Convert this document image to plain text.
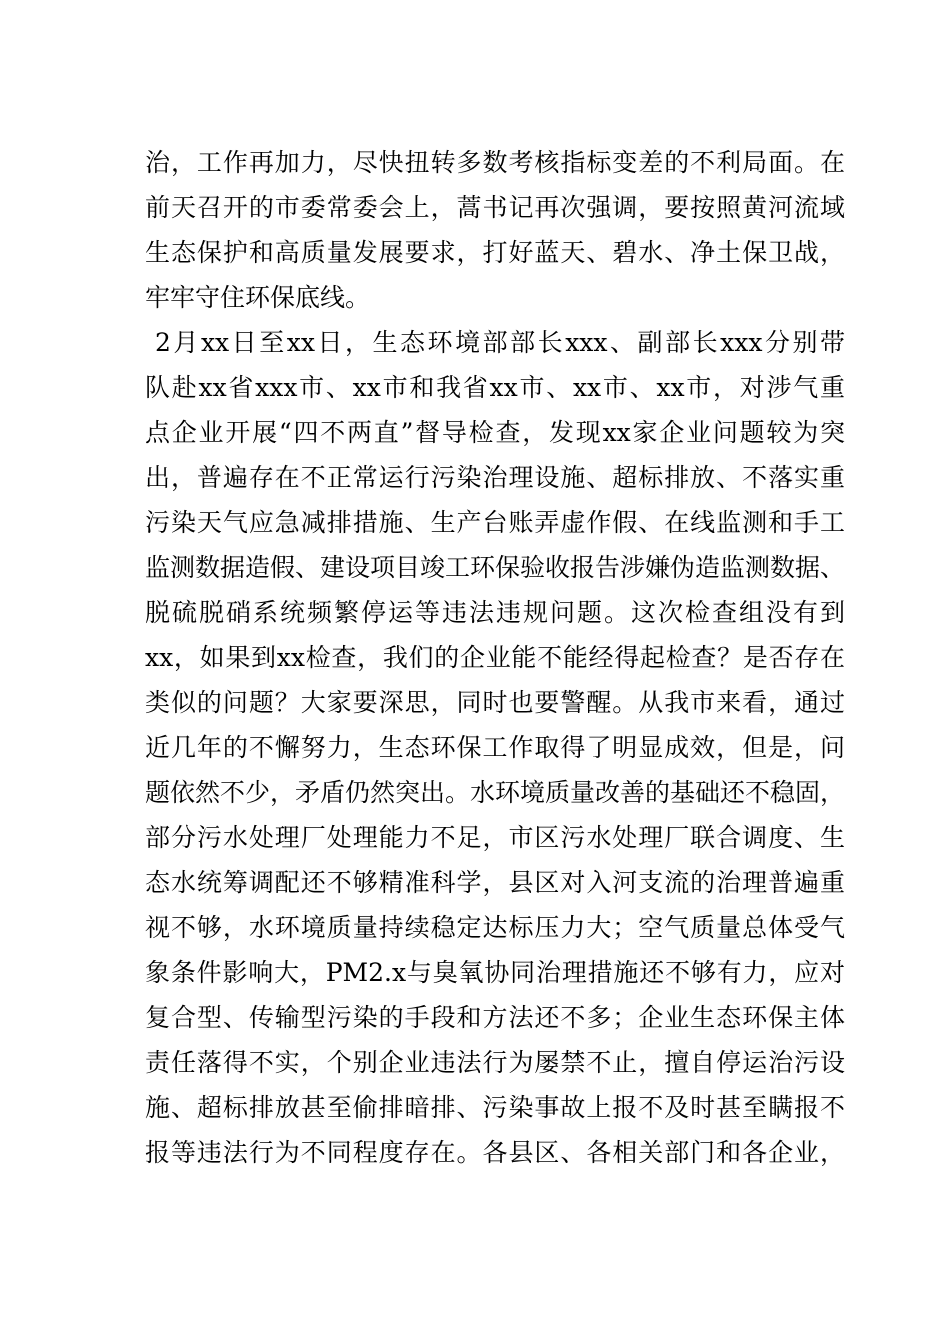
治，工作再加力，尽快扭转多数考核指标变差的不利局面。在
前天召开的市委常委会上，蒿书记再次强调，要按照黄河流域
生态保护和高质量发展要求，打好蓝天、碧水、净土保卫战，
牢牢守住环保底线。
2月xx日至xx日，生态环境部部长xxx、副部长xxx分别带
队赴xx省xxx市、xx市和我省xx市、xx市、xx市，对涉气重
点企业开展“四不两直”督导检查，发现xx家企业问题较为突
出，普遍存在不正常运行污染治理设施、超标排放、不落实重
污染天气应急减排措施、生产台账弄虚作假、在线监测和手工
监测数据造假、建设项目竣工环保验收报告涉嫌伪造监测数据、
脱硫脱硝系统频繁停运等违法违规问题。这次检查组没有到
xx，如果到xx检查，我们的企业能不能经得起检查？是否存在
类似的问题？大家要深思，同时也要警醒。从我市来看，通过
近几年的不懈努力，生态环保工作取得了明显成效，但是，问
题依然不少，矛盾仍然突出。水环境质量改善的基础还不稳固，
部分污水处理厂处理能力不足，市区污水处理厂联合调度、生
态水统筹调配还不够精准科学，县区对入河支流的治理普遍重
视不够，水环境质量持续稳定达标压力大；空气质量总体受气
象条件影响大，PM2.x与臭氧协同治理措施还不够有力，应对
复合型、传输型污染的手段和方法还不多；企业生态环保主体
责任落得不实，个别企业违法行为屡禁不止，擅自停运治污设
施、超标排放甚至偷排暗排、污染事故上报不及时甚至瞒报不
报等违法行为不同程度存在。各县区、各相关部门和各企业，
